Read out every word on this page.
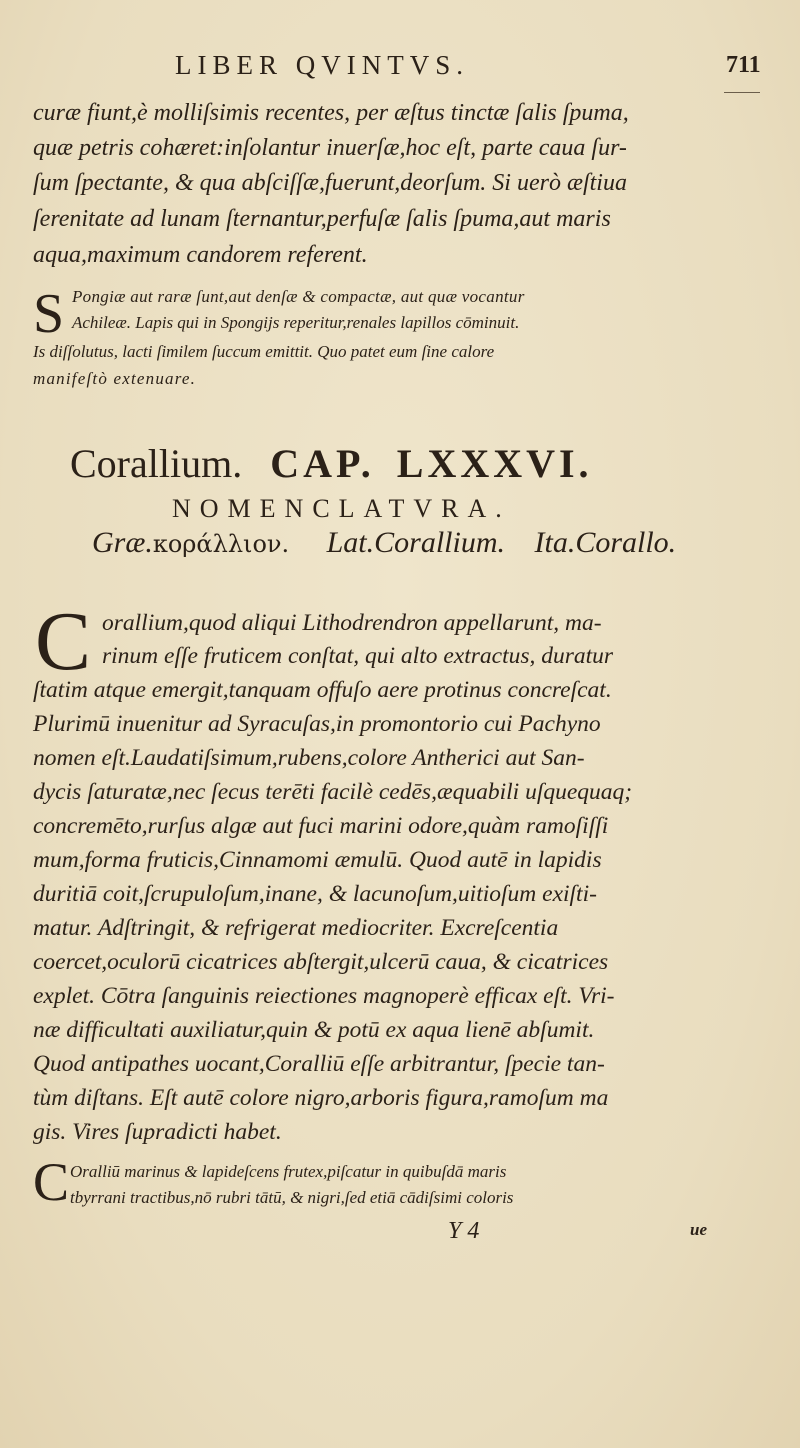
LIBER QVINTVS.	711
curæ fiunt,è molliſsimis recentes, per æſtus tinctæ ſalis ſpuma,
quæ petris cohæret:inſolantur inuerſæ,hoc eſt, parte caua ſur-
ſum ſpectante, & qua abſciſſæ,fuerunt,deorſum. Si uerò æſtiua
ſerenitate ad lunam ſternantur,perfuſæ ſalis ſpuma,aut maris
aqua,maximum candorem referent.
S Pongiæ aut raræ ſunt,aut denſæ & compactæ, aut quæ vocantur
Achileæ. Lapis qui in Spongijs reperitur,renales lapillos cōminuit.
Is diſſolutus, lacti ſimilem ſuccum emittit. Quo patet eum ſine calore
manifeſtò extenuare.
Corallium. CAP. LXXXVI.
NOMENCLATVRA.
Græ.κοράλλιον. Lat.Corallium. Ita.Corallo.
C orallium,quod aliqui Lithodrendron appellarunt, ma-
rinum eſſe fruticem conſtat, qui alto extractus, duratur
ſtatim atque emergit,tanquam offuſo aere protinus concreſcat.
Plurimū inuenitur ad Syracuſas,in promontorio cui Pachyno
nomen eſt.Laudatiſsimum,rubens,colore Antherici aut San-
dycis ſaturatæ,nec ſecus terēti facilè cedēs,æquabili uſquequaq;
concremēto,rurſus algæ aut fuci marini odore,quàm ramoſiſſi
mum,forma fruticis,Cinnamomi æmulū. Quod autē in lapidis
duritiā coit,ſcrupuloſum,inane, & lacunoſum,uitioſum exiſti-
matur. Adſtringit, & refrigerat mediocriter. Excreſcentia
coercet,oculorū cicatrices abſtergit,ulcerū caua, & cicatrices
explet. Cōtra ſanguinis reiectiones magnoperè efficax eſt. Vri-
næ difficultati auxiliatur,quin & potū ex aqua lienē abſumit.
Quod antipathes uocant,Coralliū eſſe arbitrantur, ſpecie tan-
tùm diſtans. Eſt autē colore nigro,arboris figura,ramoſum ma
gis. Vires ſupradicti habet.
C Oralliū marinus & lapideſcens frutex,piſcatur in quibuſdā maris
tbyrrani tractibus,nō rubri tātū, & nigri,ſed etiā cādiſsimi coloris
Y 4	ue
